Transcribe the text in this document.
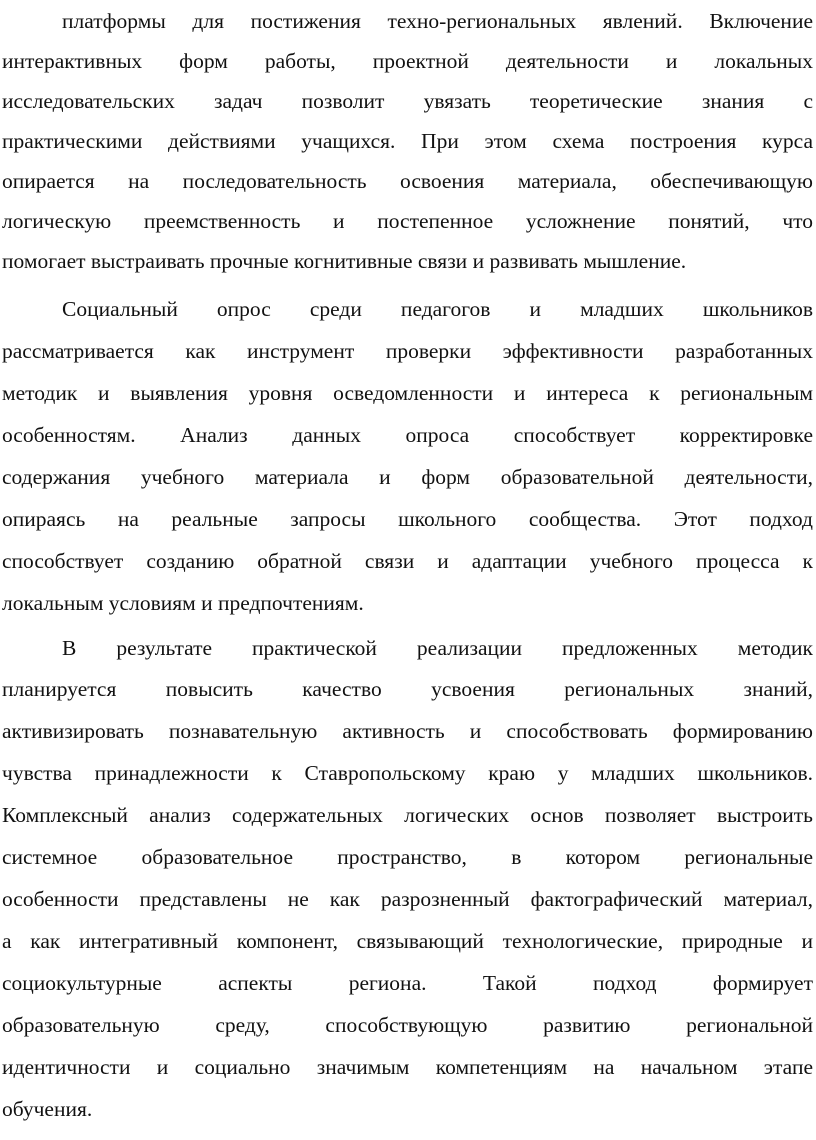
платформы для постижения техно-региональных явлений. Включение
интерактивных форм работы, проектной деятельности и локальных
исследовательских задач позволит увязать теоретические знания с
практическими действиями учащихся. При этом схема построения курса
опирается на последовательность освоения материала, обеспечивающую
логическую преемственность и постепенное усложнение понятий, что
помогает выстраивать прочные когнитивные связи и развивать мышление.
Социальный опрос среди педагогов и младших школьников
рассматривается как инструмент проверки эффективности разработанных
методик и выявления уровня осведомленности и интереса к региональным
особенностям. Анализ данных опроса способствует корректировке
содержания учебного материала и форм образовательной деятельности,
опираясь на реальные запросы школьного сообщества. Этот подход
способствует созданию обратной связи и адаптации учебного процесса к
локальным условиям и предпочтениям.
В результате практической реализации предложенных методик
планируется повысить качество усвоения региональных знаний,
активизировать познавательную активность и способствовать формированию
чувства принадлежности к Ставропольскому краю у младших школьников.
Комплексный анализ содержательных логических основ позволяет выстроить
системное образовательное пространство, в котором региональные
особенности представлены не как разрозненный фактографический материал,
а как интегративный компонент, связывающий технологические, природные и
социокультурные аспекты региона. Такой подход формирует
образовательную среду, способствующую развитию региональной
идентичности и социально значимым компетенциям на начальном этапе
обучения.
